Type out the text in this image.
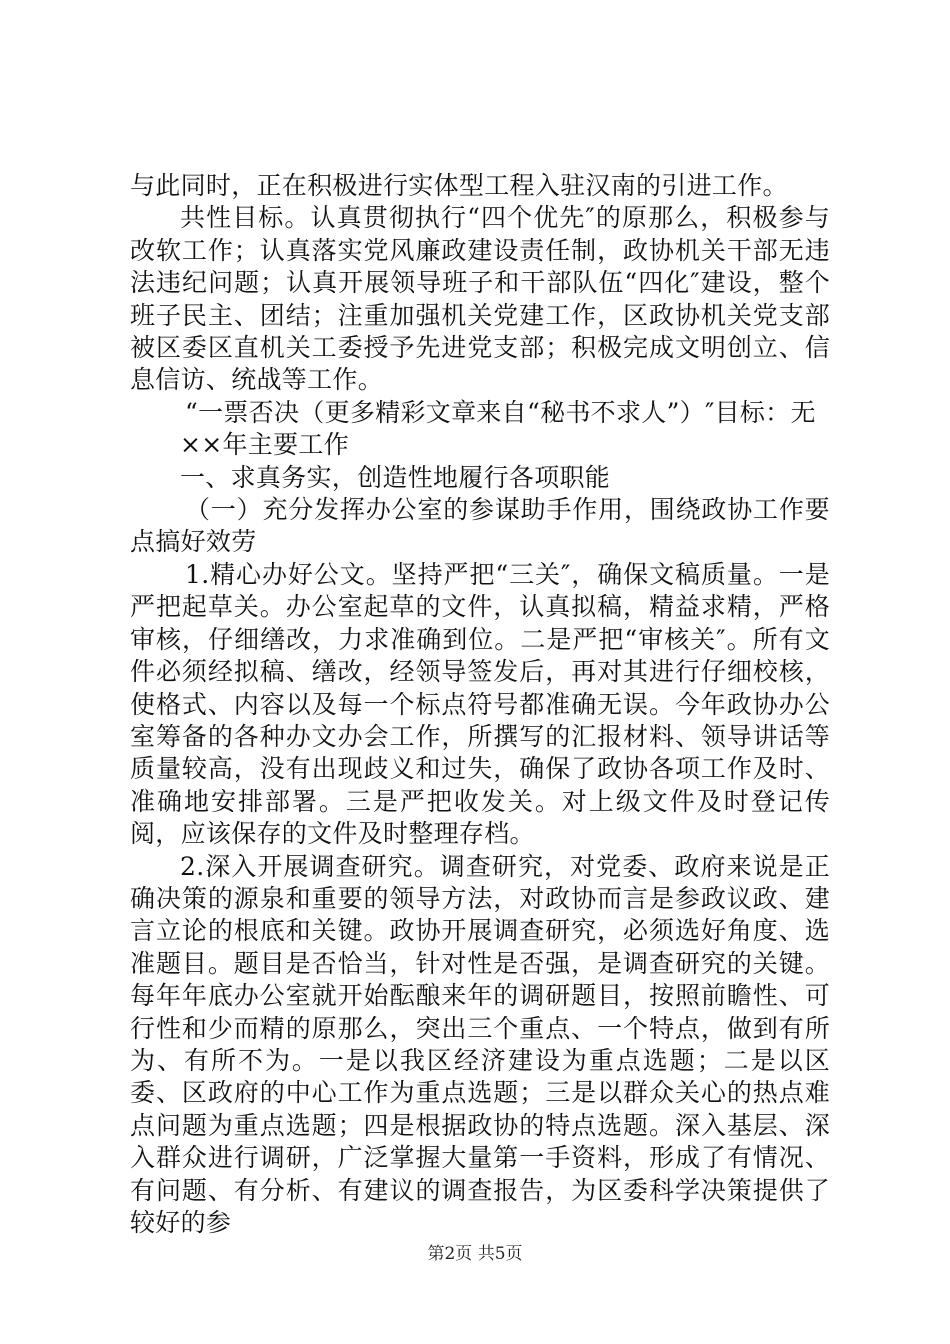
与此同时，正在积极进行实体型工程入驻汉南的引进工作。

共性目标。认真贯彻执行“四个优先″的原那么，积极参与改软工作；认真落实党风廉政建设责任制，政协机关干部无违法违纪问题；认真开展领导班子和干部队伍“四化″建设，整个班子民主、团结；注重加强机关党建工作，区政协机关党支部被区委区直机关工委授予先进党支部；积极完成文明创立、信息信访、统战等工作。

“一票否决（更多精彩文章来自“秘书不求人”）″目标：无

××年主要工作

一、求真务实，创造性地履行各项职能

（一）充分发挥办公室的参谋助手作用，围绕政协工作要点搞好效劳

1.精心办好公文。坚持严把“三关″，确保文稿质量。一是严把起草关。办公室起草的文件，认真拟稿，精益求精，严格审核，仔细缮改，力求准确到位。二是严把“审核关″。所有文件必须经拟稿、缮改，经领导签发后，再对其进行仔细校核，使格式、内容以及每一个标点符号都准确无误。今年政协办公室筹备的各种办文办会工作，所撰写的汇报材料、领导讲话等质量较高，没有出现歧义和过失，确保了政协各项工作及时、准确地安排部署。三是严把收发关。对上级文件及时登记传阅，应该保存的文件及时整理存档。

2.深入开展调查研究。调查研究，对党委、政府来说是正确决策的源泉和重要的领导方法，对政协而言是参政议政、建言立论的根底和关键。政协开展调查研究，必须选好角度、选准题目。题目是否恰当，针对性是否强，是调查研究的关键。每年年底办公室就开始酝酿来年的调研题目，按照前瞻性、可行性和少而精的原那么，突出三个重点、一个特点，做到有所为、有所不为。一是以我区经济建设为重点选题；二是以区委、区政府的中心工作为重点选题；三是以群众关心的热点难点问题为重点选题；四是根据政协的特点选题。深入基层、深入群众进行调研，广泛掌握大量第一手资料，形成了有情况、有问题、有分析、有建议的调查报告，为区委科学决策提供了较好的参

第2页 共5页
